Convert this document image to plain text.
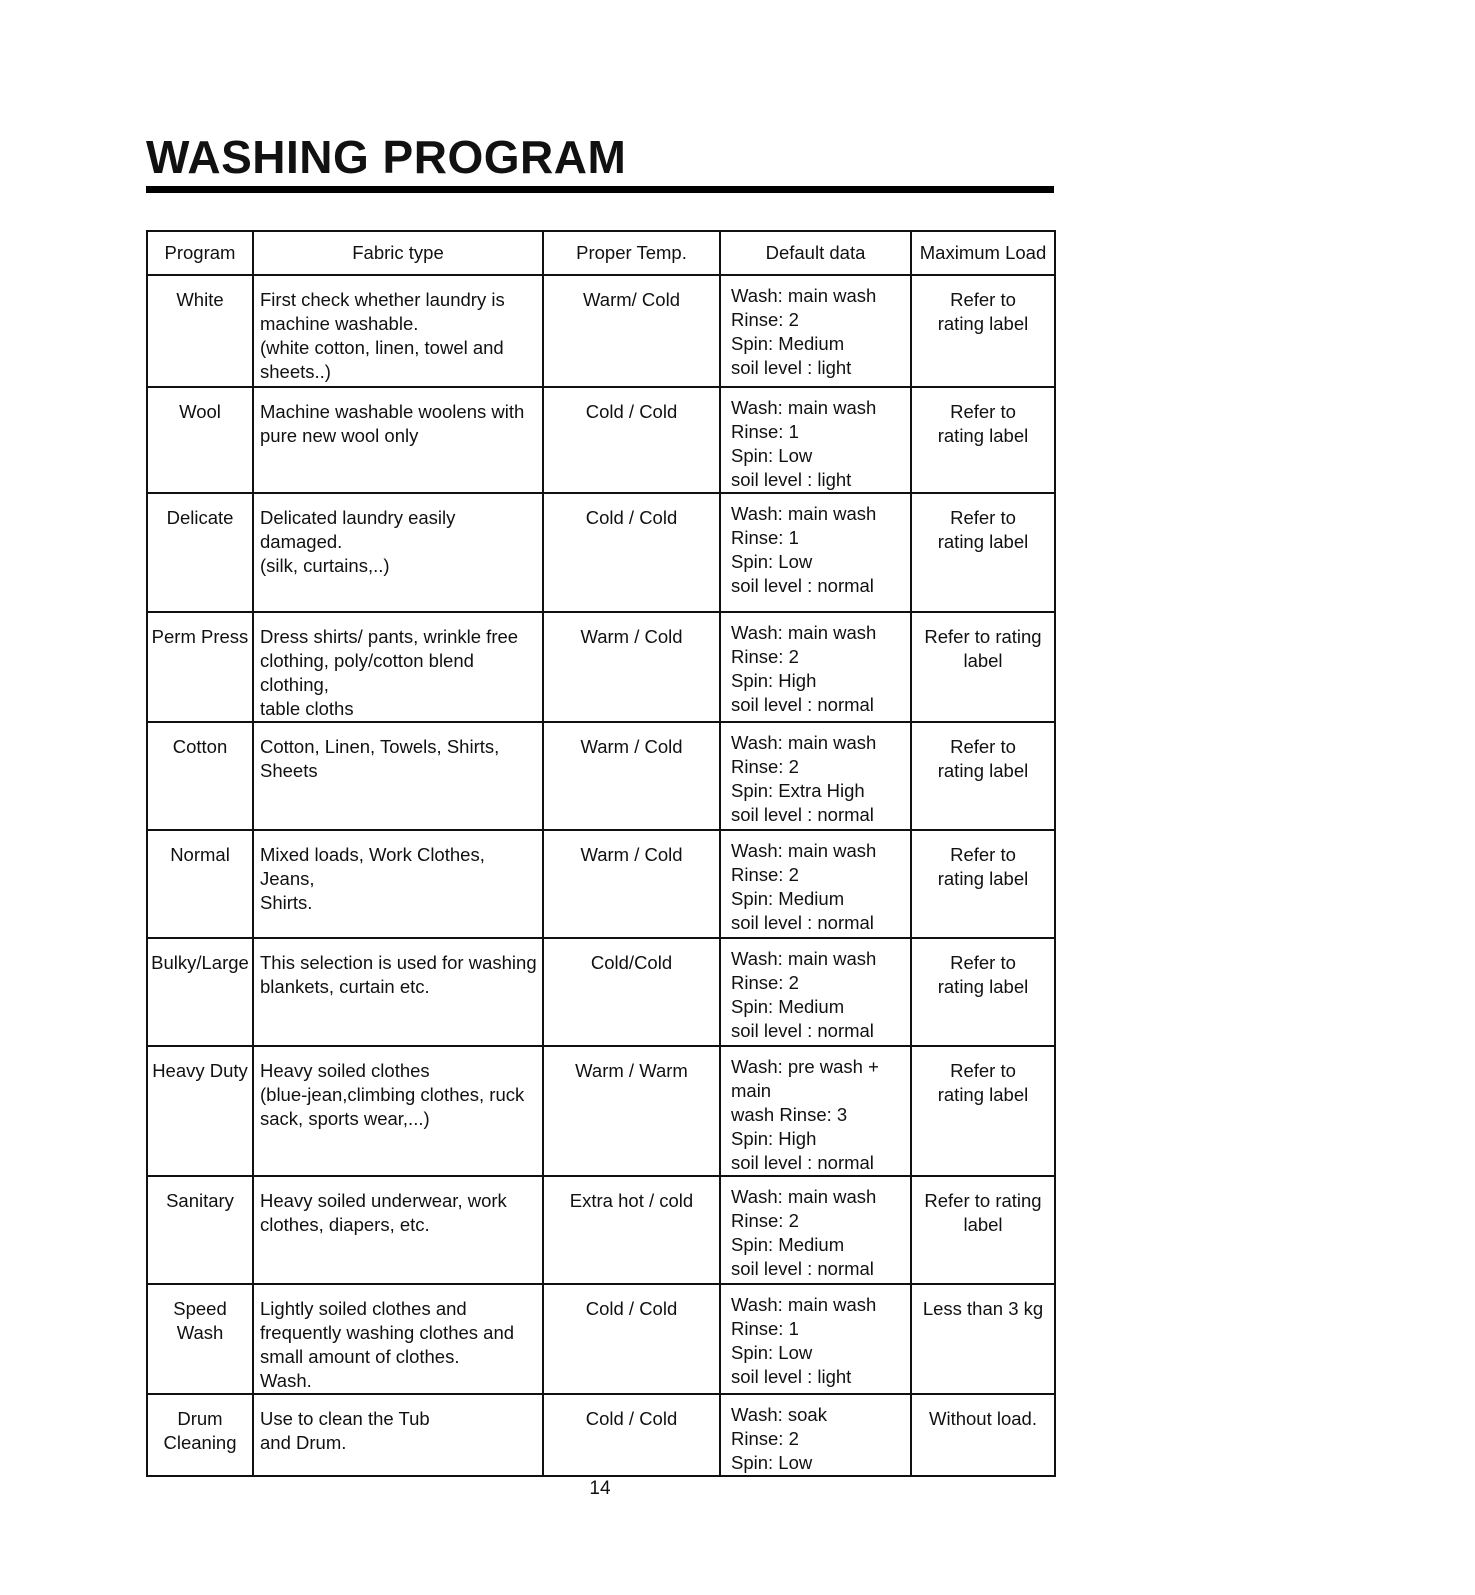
WASHING PROGRAM
Program	Fabric type	Proper Temp.	Default data	Maximum Load

White	First check whether laundry is
machine washable.
(white cotton, linen, towel and
sheets..)	Warm/ Cold	Wash: main wash
Rinse: 2
Spin: Medium
soil level : light	Refer to
rating label

Wool	Machine washable woolens with
pure new wool only	Cold / Cold	Wash: main wash
Rinse: 1
Spin: Low
soil level : light	Refer to
rating label

Delicate	Delicated laundry easily damaged.
(silk, curtains,..)	Cold / Cold	Wash: main wash
Rinse: 1
Spin: Low
soil level : normal	Refer to
rating label

Perm Press	Dress shirts/ pants, wrinkle free
clothing, poly/cotton blend clothing,
table cloths	Warm / Cold	Wash: main wash
Rinse: 2
Spin: High
soil level : normal	Refer to rating
label

Cotton	Cotton, Linen, Towels, Shirts,
Sheets	Warm / Cold	Wash: main wash
Rinse: 2
Spin: Extra High
soil level : normal	Refer to
rating label

Normal	Mixed loads, Work Clothes, Jeans,
Shirts.	Warm / Cold	Wash: main wash
Rinse: 2
Spin: Medium
soil level : normal	Refer to
rating label

Bulky/Large	This selection is used for washing
blankets, curtain etc.	Cold/Cold	Wash: main wash
Rinse: 2
Spin: Medium
soil level : normal	Refer to
rating label

Heavy Duty	Heavy soiled clothes
(blue-jean,climbing clothes, ruck
sack, sports wear,...)	Warm / Warm	Wash: pre wash + main
wash Rinse: 3
Spin: High
soil level : normal	Refer to
rating label

Sanitary	Heavy soiled underwear, work
clothes, diapers, etc.	Extra hot / cold	Wash: main wash
Rinse: 2
Spin: Medium
soil level : normal	Refer to rating
label

Speed
Wash	Lightly soiled clothes and
frequently washing clothes and
small amount of clothes.
Wash.	Cold / Cold	Wash: main wash
Rinse: 1
Spin: Low
soil level : light	Less than 3 kg

Drum
Cleaning	Use to clean the Tub
and Drum.	Cold / Cold	Wash: soak
Rinse: 2
Spin: Low	Without load.
14
